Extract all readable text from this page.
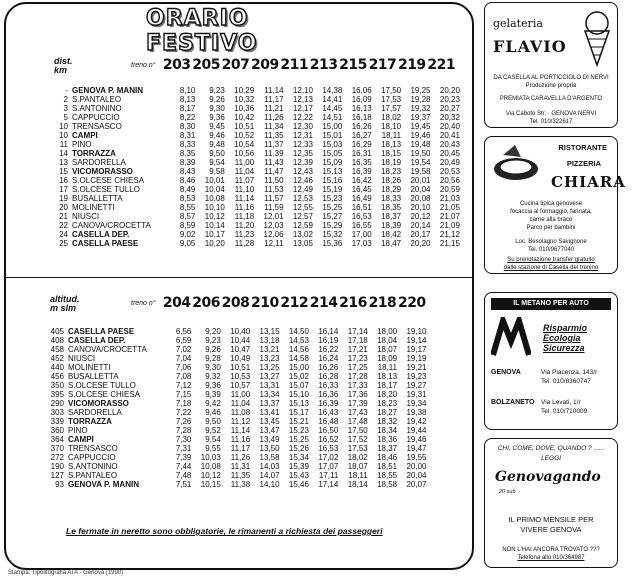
ORARIO FESTIVO
dist.
km	treno n° 203 205 207 209 211 213 215 217 219 221
-	GENOVA P. MANIN	8,10	9,23	10,29	11,14	12,10	14,38	16,06	17,50	19,25	20,20
2	S.PANTALEO	8,13	9,26	10,32	11,17	12,13	14,41	16,09	17,53	19,28	20,23
3	S.ANTONINO	8,17	9,30	10,36	11,21	12,17	14,45	16,13	17,57	19,32	20,27
5	CAPPUCCIO	8,22	9,36	10,42	11,26	12,22	14,51	16,18	18,02	19,37	20,32
10	TRENSASCO	8,30	9,45	10,51	11,34	12,30	15,00	16,26	18,10	19,45	20,40
10	CAMPI	8,31	9,46	10,52	11,35	12,31	15,01	16,27	18,11	19,46	20,41
11	PINO	8,33	9,48	10,54	11,37	12,33	15,03	16,29	18,13	19,48	20,43
14	TORRAZZA	8,35	9,50	10,56	11,39	12,35	15,05	16,31	18,15	19,50	20,45
13	SARDORELLA	8,39	9,54	11,00	11,43	12,39	15,09	16,35	18,19	19,54	20,49
15	VICOMORASSO	8,43	9,58	11,04	11,47	12,43	15,13	16,39	18,23	19,58	20,53
16	S.OLCESE CHIESA	8,46	10,01	11,07	11,50	12,46	15,16	16,42	18,26	20,01	20,56
17	S.OLCESE TULLO	8,49	10,04	11,10	11,53	12,49	15,19	16,45	18,29	20,04	20,59
19	BUSALLETTA	8,53	10,08	11,14	11,57	12,53	15,23	16,49	18,33	20,08	21,03
20	MOLINETTI	8,55	10,10	11,16	11,59	12,55	15,25	16,51	18,35	20,10	21,05
21	NIUSCI	8,57	10,12	11,18	12,01	12,57	15,27	16,53	18,37	20,12	21,07
22	CANOVA/CROCETTA	8,59	10,14	11,20	12,03	12,59	15,29	16,55	18,39	20,14	21,09
24	CASELLA DEP.	9,02	10,17	11,23	12,06	13,02	15,32	17,00	18,42	20,17	21,12
25	CASELLA PAESE	9,05	10,20	11,28	12,11	13,05	15,36	17,03	18,47	20,20	21,15
altitud.
m slm	treno n° 204 206 208 210 212 214 216 218 220
405	CASELLA PAESE	6,56	9,20	10,40	13,15	14,50	16,14	17,14	18,00	19,10
408	CASELLA DEP.	6,59	9,23	10,44	13,18	14,53	16,19	17,18	18,04	19,14
458	CANOVA/CROCETTA	7,02	9,26	10,47	13,21	14,56	16,22	17,21	18,07	19,17
452	NIUSCI	7,04	9,28	10,49	13,23	14,58	16,24	17,23	18,09	19,19
440	MOLINETTI	7,06	9,30	10,51	13,25	15,00	16,26	17,25	18,11	19,21
456	BUSALLETTA	7,08	9,32	10,53	13,27	15,02	16,28	17,28	18,13	19,23
350	S.OLCESE TULLO	7,12	9,36	10,57	13,31	15,07	16,33	17,33	18,17	19,27
395	S.OLCESE CHIESA	7,15	9,39	11,00	13,34	15,10	16,36	17,36	18,20	19,31
290	VICOMORASSO	7,18	9,42	11,04	13,37	15,13	16,39	17,39	18,23	19,34
303	SARDORELLA	7,22	9,46	11,08	13,41	15,17	16,43	17,43	18,27	19,38
339	TORRAZZA	7,26	9,50	11,12	13,45	15,21	16,48	17,48	18,32	19,42
360	PINO	7,28	9,52	11,14	13,47	15,23	16,50	17,50	18,34	19,44
364	CAMPI	7,30	9,54	11,16	13,49	15,25	16,52	17,52	18,36	19,46
370	TRENSASCO	7,31	9,55	11,17	13,50	15,26	16,53	17,53	18,37	19,47
272	CAPPUCCIO	7,39	10,03	11,26	13,58	15,34	17,02	18,02	18,46	19,55
190	S.ANTONINO	7,44	10,08	11,31	14,03	15,39	17,07	18,07	18,51	20,00
127	S.PANTALEO	7,48	10,12	11,35	14,07	15,43	17,11	18,11	18,55	20,04
93	GENOVA P. MANIN	7,51	10,15	11,38	14,10	15,46	17,14	18,14	18,58	20,07
Le fermate in neretto sono obbligatorie, le rimanenti a richiesta dei passeggeri
Stampa: Tipolitografia ATA - Genova (1990)
gelateria
FLAVIO
DA CASELLA AL PORTICCIOLO DI NERVI
Produzione propria
PREMIATA CARAVELLA D'ARGENTO
Via Caboto Str. · GENOVA NERVI
Tel. 010/322617
RISTORANTE
PIZZERIA
CHIARA
Cucina tipica genovese
focaccia al formaggio, farinata,
carne alla brace
Parco per bambini
Loc. Besolagno Savignone
Tel. 010/9677040
Su prenotazione transfer gratuito
dalle stazione di Casella del trenino
IL METANO PER AUTO
Risparmio
Ecologia
Sicurezza
GENOVA	Via Piacenza, 143/r
Tel. 010/8360747
BOLZANETO Via Levati, 1/r
Tel. 010/710009
CHI, COME, DOVE, QUANDO ? ......
LEGGI
Genovagando
20 sub
IL PRIMO MENSILE PER
VIVERE GENOVA
NON L'HAI ANCORA TROVATO ???
Telefona allo 010/364987
